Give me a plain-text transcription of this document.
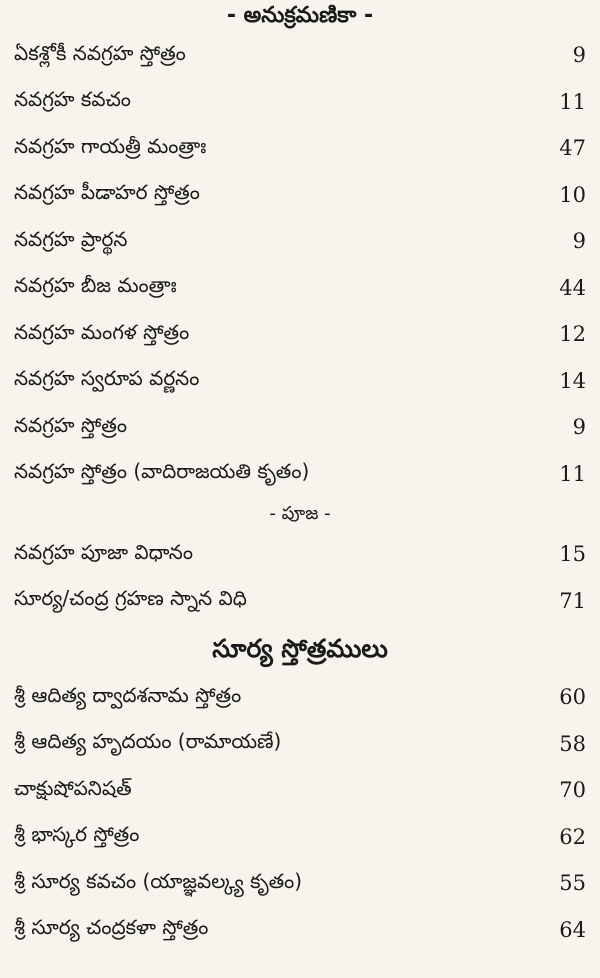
- అనుక్రమణికా -
ఏకశ్లోకీ నవగ్రహ స్తోత్రం	9
నవగ్రహ కవచం	11
నవగ్రహ గాయత్రీ మంత్రాః	47
నవగ్రహ పీడాహర స్తోత్రం	10
నవగ్రహ ప్రార్థన	9
నవగ్రహ బీజ మంత్రాః	44
నవగ్రహ మంగళ స్తోత్రం	12
నవగ్రహ స్వరూప వర్ణనం	14
నవగ్రహ స్తోత్రం	9
నవగ్రహ స్తోత్రం (వాదిరాజయతి కృతం)	11
- పూజ -
నవగ్రహ పూజా విధానం	15
సూర్య/చంద్ర గ్రహణ స్నాన విధి	71
సూర్య స్తోత్రములు
శ్రీ ఆదిత్య ద్వాదశనామ స్తోత్రం	60
శ్రీ ఆదిత్య హృదయం (రామాయణే)	58
చాక్షుషోపనిషత్	70
శ్రీ భాస్కర స్తోత్రం	62
శ్రీ సూర్య కవచం (యాజ్ఞవల్క్య కృతం)	55
శ్రీ సూర్య చంద్రకళా స్తోత్రం	64
